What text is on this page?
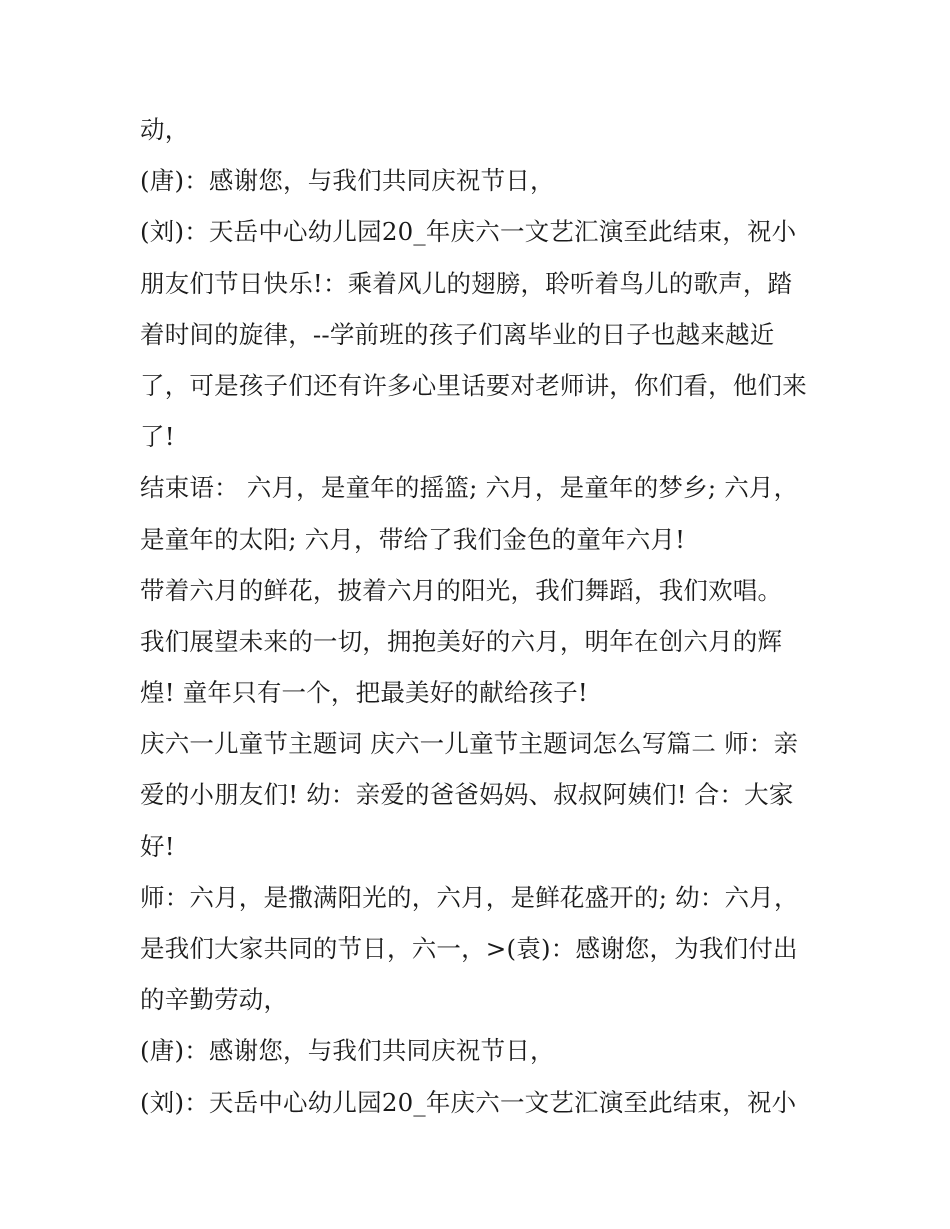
动，
(唐)：感谢您，与我们共同庆祝节日，
(刘)：天岳中心幼儿园20_年庆六一文艺汇演至此结束，祝小
朋友们节日快乐!：乘着风儿的翅膀，聆听着鸟儿的歌声，踏
着时间的旋律，--学前班的孩子们离毕业的日子也越来越近
了，可是孩子们还有许多心里话要对老师讲，你们看，他们来
了!
结束语： 六月，是童年的摇篮; 六月，是童年的梦乡; 六月，
是童年的太阳; 六月，带给了我们金色的童年六月!
带着六月的鲜花，披着六月的阳光，我们舞蹈，我们欢唱。
我们展望未来的一切，拥抱美好的六月，明年在创六月的辉
煌! 童年只有一个，把最美好的献给孩子!
庆六一儿童节主题词 庆六一儿童节主题词怎么写篇二 师：亲
爱的小朋友们! 幼：亲爱的爸爸妈妈、叔叔阿姨们! 合：大家
好!
师：六月，是撒满阳光的，六月，是鲜花盛开的; 幼：六月，
是我们大家共同的节日，六一，>(袁)：感谢您，为我们付出
的辛勤劳动，
(唐)：感谢您，与我们共同庆祝节日，
(刘)：天岳中心幼儿园20_年庆六一文艺汇演至此结束，祝小
